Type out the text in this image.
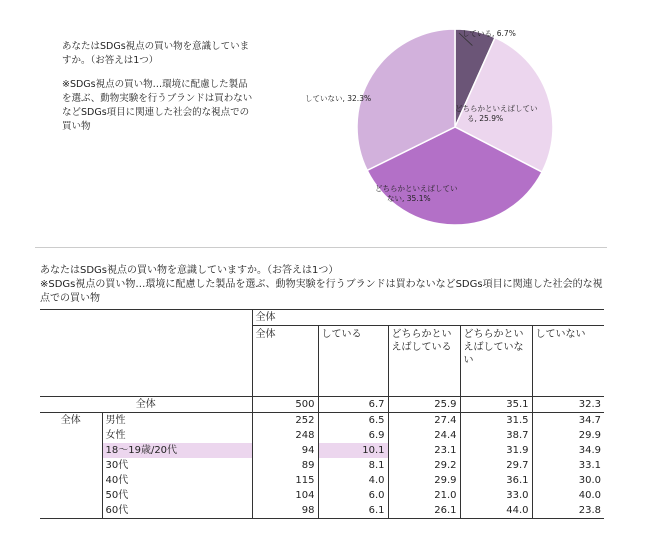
あなたはSDGs視点の買い物を意識していますか。（お答えは1つ）

※SDGs視点の買い物…環境に配慮した製品を選ぶ、動物実験を行うブランドは買わないなどSDGs項目に関連した社会的な視点での買い物

している, 6.7%
どちらかといえばしている, 25.9%
どちらかといえばしていない, 35.1%
していない, 32.3%
あなたはSDGs視点の買い物を意識していますか。（お答えは1つ）
※SDGs視点の買い物…環境に配慮した製品を選ぶ、動物実験を行うブランドは買わないなどSDGs項目に関連した社会的な視点での買い物
		全体				
		全体	している	どちらかといえばしている	どちらかといえばしていない	していない
全体		500	6.7	25.9	35.1	32.3
全体	男性	252	6.5	27.4	31.5	34.7
	女性	248	6.9	24.4	38.7	29.9
	18〜19歳/20代	94	10.1	23.1	31.9	34.9
	30代	89	8.1	29.2	29.7	33.1
	40代	115	4.0	29.9	36.1	30.0
	50代	104	6.0	21.0	33.0	40.0
	60代	98	6.1	26.1	44.0	23.8
